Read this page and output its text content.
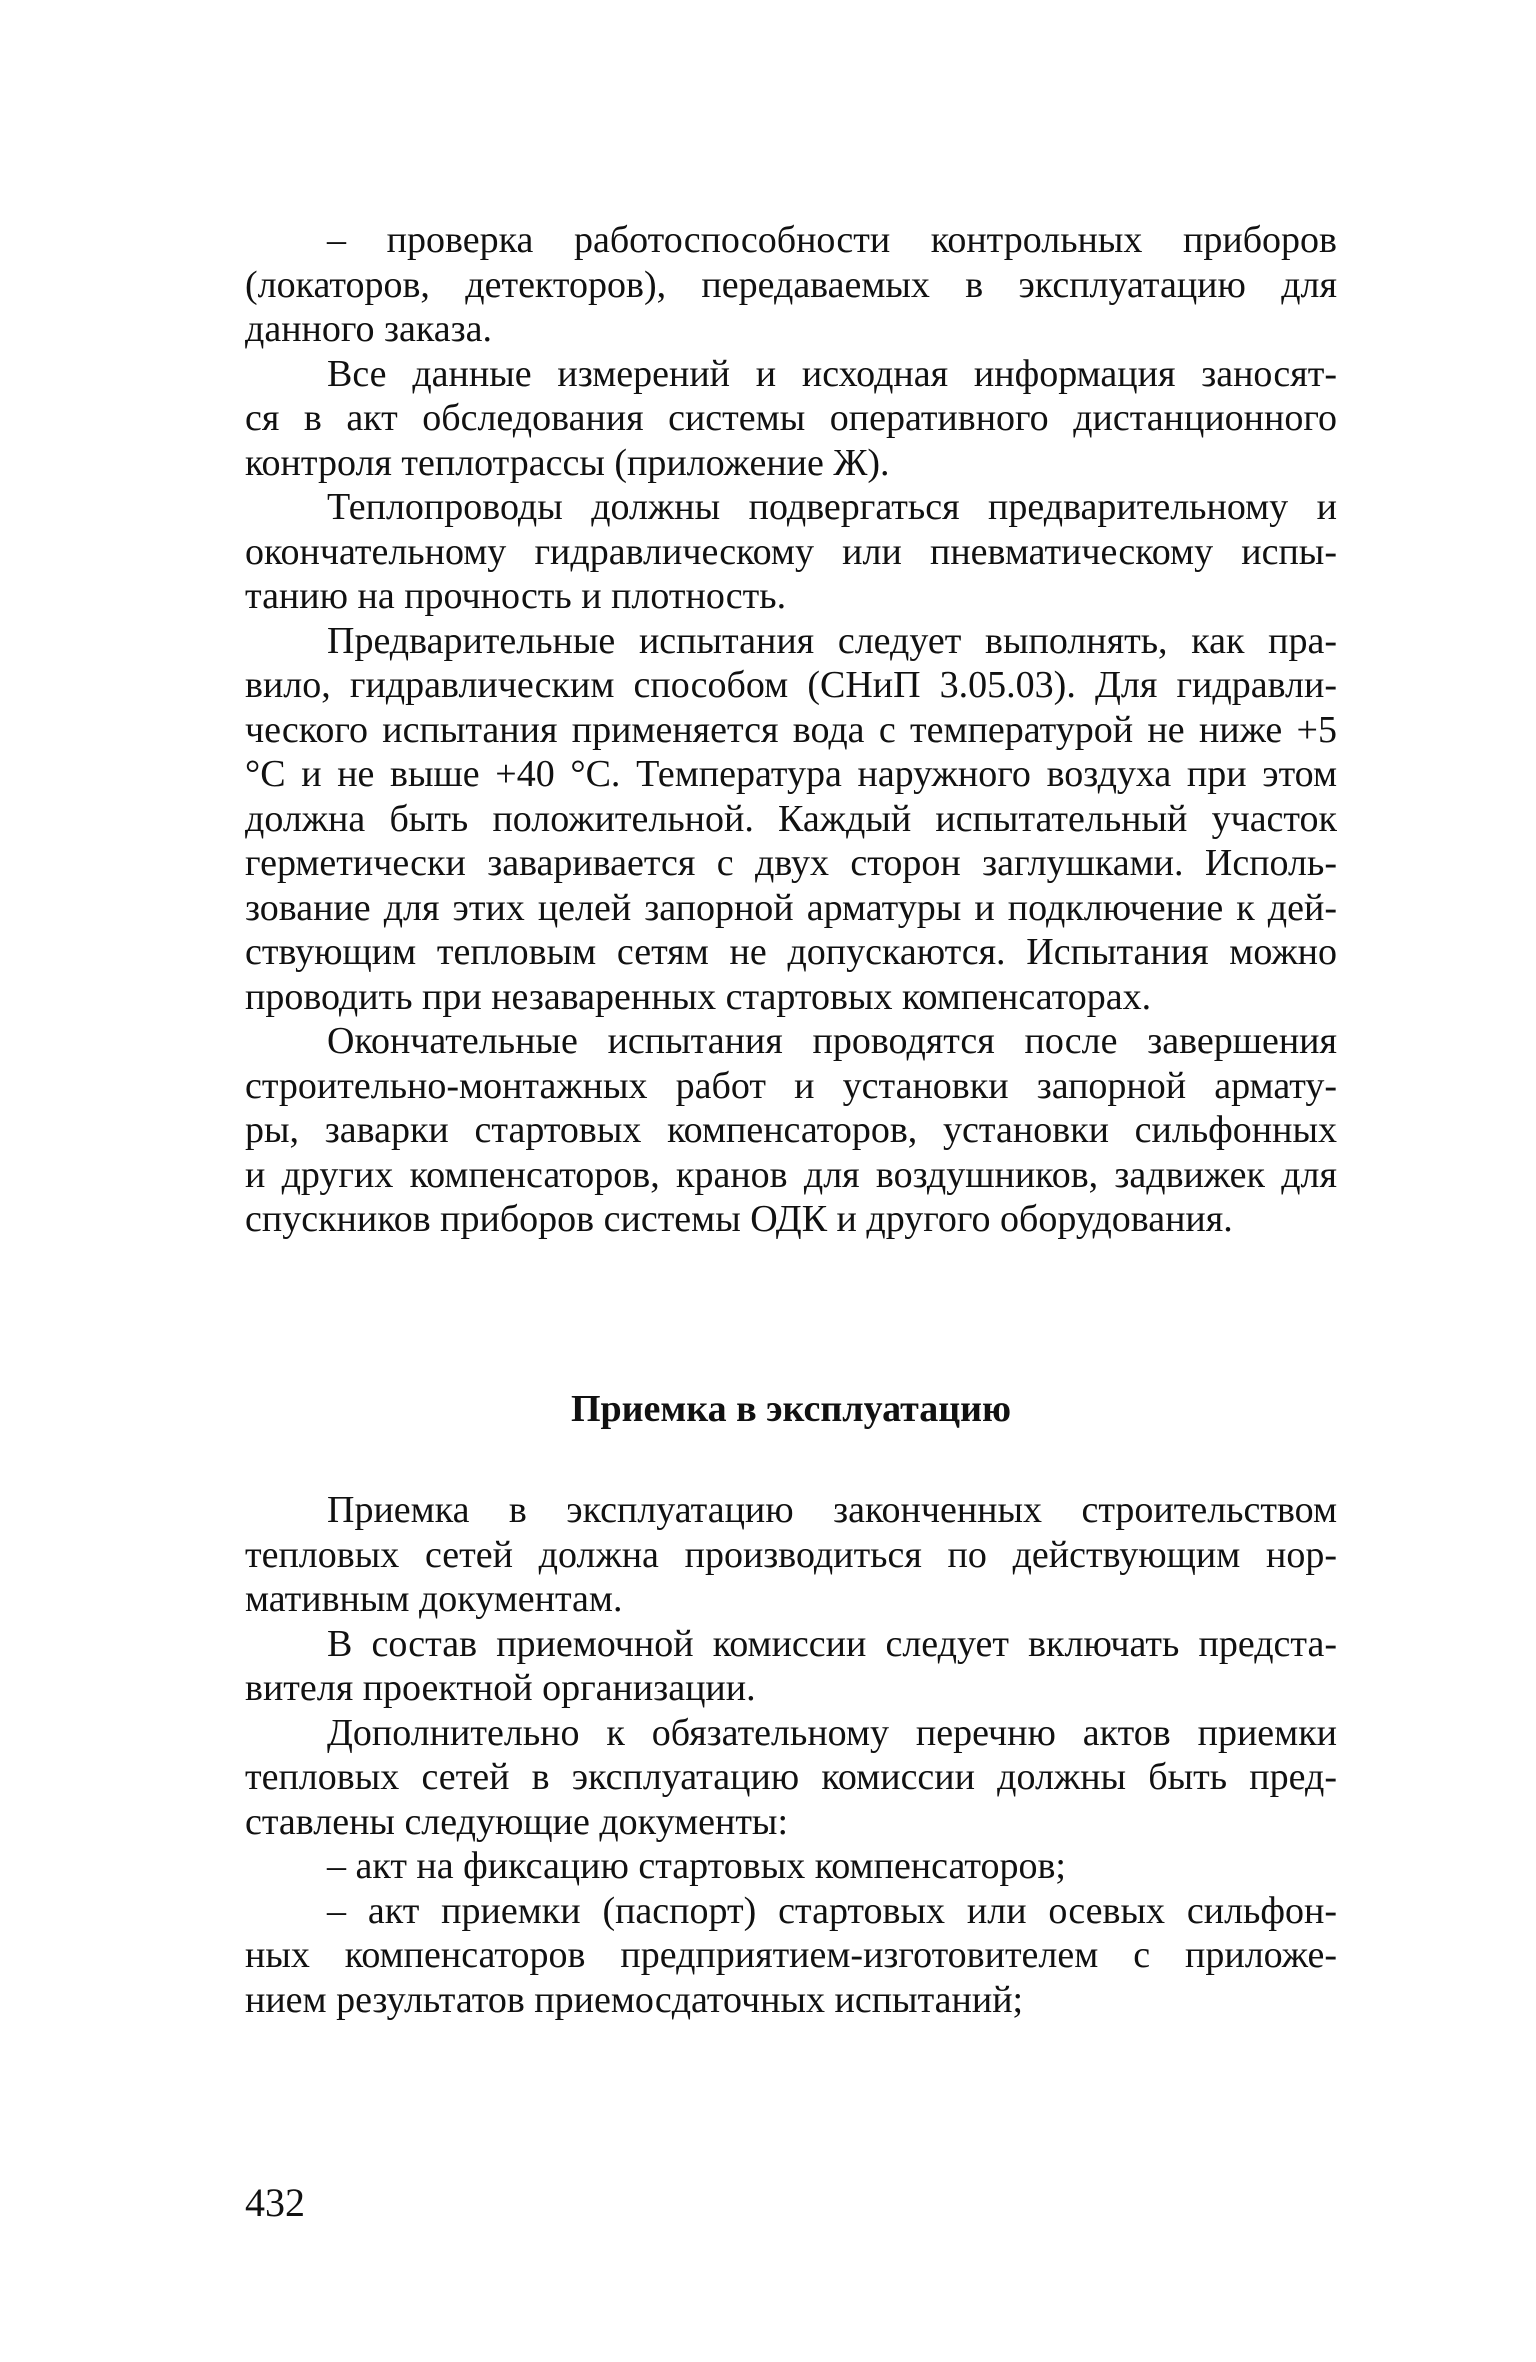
– проверка работоспособности контрольных приборов
(локаторов, детекторов), передаваемых в эксплуатацию для
данного заказа.
Все данные измерений и исходная информация заносят-
ся в акт обследования системы оперативного дистанционного
контроля теплотрассы (приложение Ж).
Теплопроводы должны подвергаться предварительному и
окончательному гидравлическому или пневматическому испы-
танию на прочность и плотность.
Предварительные испытания следует выполнять, как пра-
вило, гидравлическим способом (СНиП 3.05.03). Для гидравли-
ческого испытания применяется вода с температурой не ниже +5
°С и не выше +40 °С. Температура наружного воздуха при этом
должна быть положительной. Каждый испытательный участок
герметически заваривается с двух сторон заглушками. Исполь-
зование для этих целей запорной арматуры и подключение к дей-
ствующим тепловым сетям не допускаются. Испытания можно
проводить при незаваренных стартовых компенсаторах.
Окончательные испытания проводятся после завершения
строительно-монтажных работ и установки запорной армату-
ры, заварки стартовых компенсаторов, установки сильфонных
и других компенсаторов, кранов для воздушников, задвижек для
спускников приборов системы ОДК и другого оборудования.
Приемка в эксплуатацию
Приемка в эксплуатацию законченных строительством
тепловых сетей должна производиться по действующим нор-
мативным документам.
В состав приемочной комиссии следует включать предста-
вителя проектной организации.
Дополнительно к обязательному перечню актов приемки
тепловых сетей в эксплуатацию комиссии должны быть пред-
ставлены следующие документы:
– акт на фиксацию стартовых компенсаторов;
– акт приемки (паспорт) стартовых или осевых сильфон-
ных компенсаторов предприятием-изготовителем с приложе-
нием результатов приемосдаточных испытаний;
432
